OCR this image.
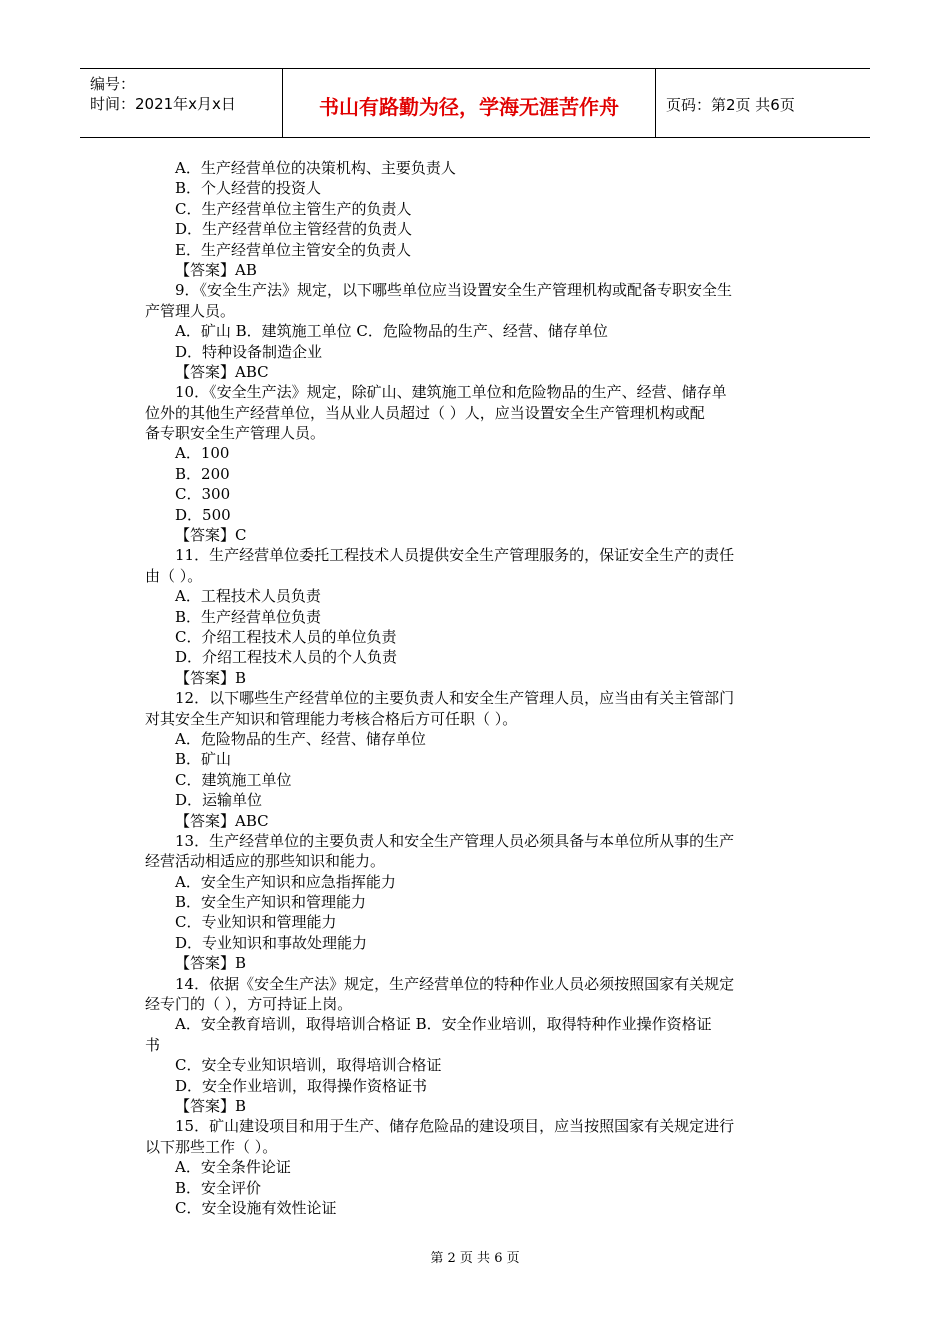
编号：
时间：2021年x月x日	书山有路勤为径，学海无涯苦作舟	页码：第2页 共6页
A．生产经营单位的决策机构、主要负责人
B．个人经营的投资人
C．生产经营单位主管生产的负责人
D．生产经营单位主管经营的负责人
E．生产经营单位主管安全的负责人
【答案】AB
9．《安全生产法》规定，以下哪些单位应当设置安全生产管理机构或配备专职安全生
产管理人员。
A．矿山 B．建筑施工单位 C．危险物品的生产、经营、储存单位
D．特种设备制造企业
【答案】ABC
10．《安全生产法》规定，除矿山、建筑施工单位和危险物品的生产、经营、储存单
位外的其他生产经营单位，当从业人员超过（ ）人，应当设置安全生产管理机构或配
备专职安全生产管理人员。
A．100
B．200
C．300
D．500
【答案】C
11．生产经营单位委托工程技术人员提供安全生产管理服务的，保证安全生产的责任
由（ ）。
A．工程技术人员负责
B．生产经营单位负责
C．介绍工程技术人员的单位负责
D．介绍工程技术人员的个人负责
【答案】B
12．以下哪些生产经营单位的主要负责人和安全生产管理人员，应当由有关主管部门
对其安全生产知识和管理能力考核合格后方可任职（ ）。
A．危险物品的生产、经营、储存单位
B．矿山
C．建筑施工单位
D．运输单位
【答案】ABC
13．生产经营单位的主要负责人和安全生产管理人员必须具备与本单位所从事的生产
经营活动相适应的那些知识和能力。
A．安全生产知识和应急指挥能力
B．安全生产知识和管理能力
C．专业知识和管理能力
D．专业知识和事故处理能力
【答案】B
14．依据《安全生产法》规定，生产经营单位的特种作业人员必须按照国家有关规定
经专门的（ ），方可持证上岗。
A．安全教育培训，取得培训合格证 B．安全作业培训，取得特种作业操作资格证
书
C．安全专业知识培训，取得培训合格证
D．安全作业培训，取得操作资格证书
【答案】B
15．矿山建设项目和用于生产、储存危险品的建设项目，应当按照国家有关规定进行
以下那些工作（ ）。
A．安全条件论证
B．安全评价
C．安全设施有效性论证
第 2 页 共 6 页
